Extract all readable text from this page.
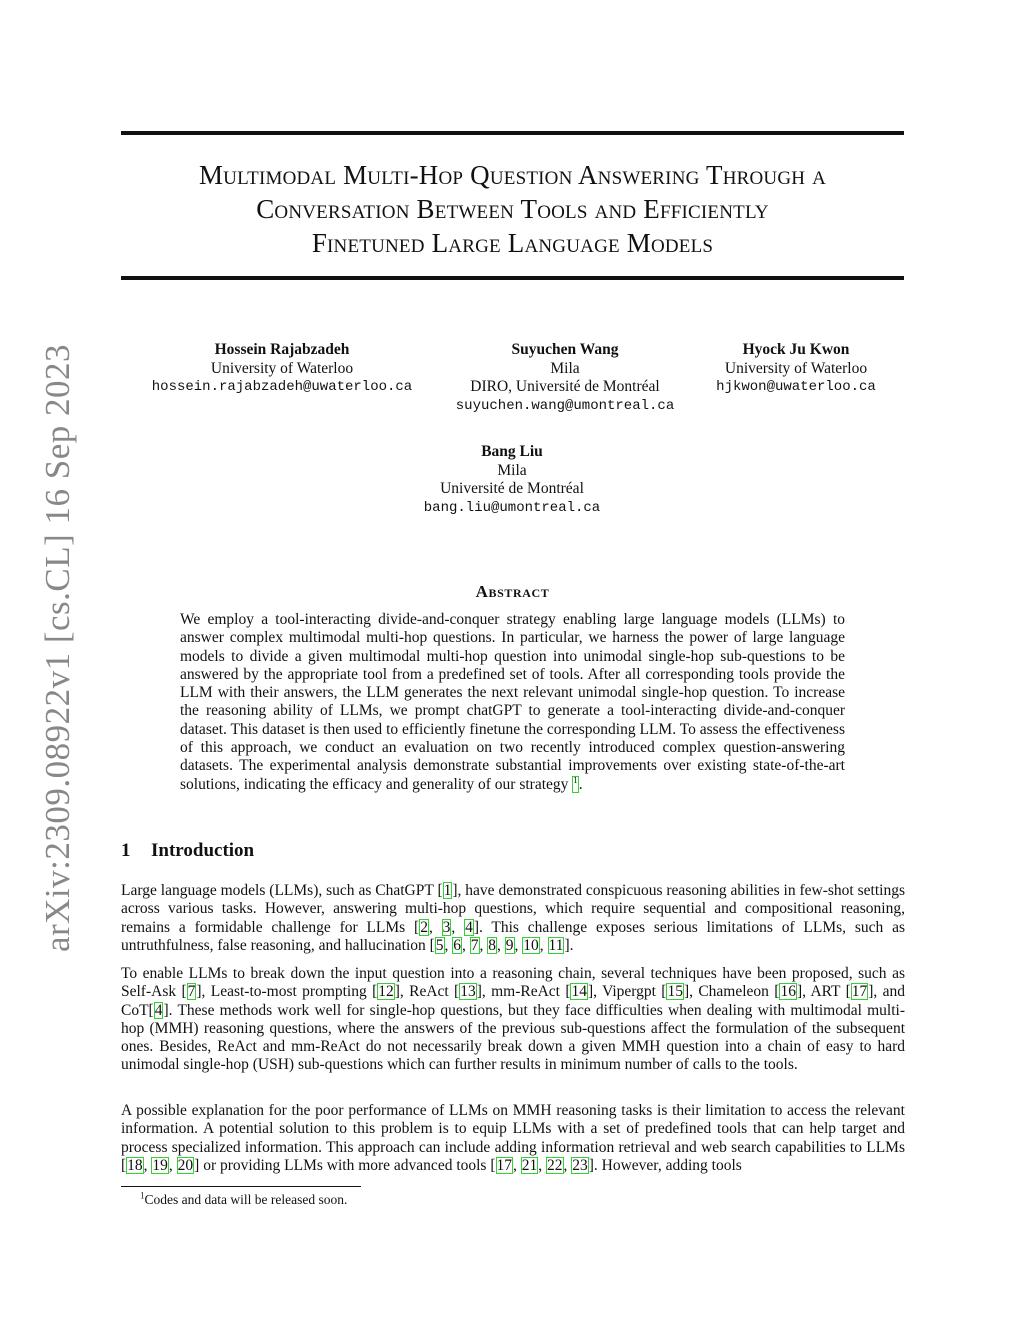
arXiv:2309.08922v1 [cs.CL] 16 Sep 2023
Multimodal Multi-Hop Question Answering Through a
Conversation Between Tools and Efficiently
Finetuned Large Language Models
Hossein Rajabzadeh
University of Waterloo
hossein.rajabzadeh@uwaterloo.ca
Suyuchen Wang
Mila
DIRO, Université de Montréal
suyuchen.wang@umontreal.ca
Hyock Ju Kwon
University of Waterloo
hjkwon@uwaterloo.ca
Bang Liu
Mila
Université de Montréal
bang.liu@umontreal.ca
Abstract
We employ a tool-interacting divide-and-conquer strategy enabling large language models (LLMs) to answer complex multimodal multi-hop questions. In particular, we harness the power of large language models to divide a given multimodal multi-hop question into unimodal single-hop sub-questions to be answered by the appropriate tool from a predefined set of tools. After all corresponding tools provide the LLM with their answers, the LLM generates the next relevant unimodal single-hop question. To increase the reasoning ability of LLMs, we prompt chatGPT to generate a tool-interacting divide-and-conquer dataset. This dataset is then used to efficiently finetune the corresponding LLM. To assess the effectiveness of this approach, we conduct an evaluation on two recently introduced complex question-answering datasets. The experimental analysis demonstrate substantial improvements over existing state-of-the-art solutions, indicating the efficacy and generality of our strategy $^1$.
1 Introduction
Large language models (LLMs), such as ChatGPT [1], have demonstrated conspicuous reasoning abilities in few-shot settings across various tasks. However, answering multi-hop questions, which require sequential and compositional reasoning, remains a formidable challenge for LLMs [2, 3, 4]. This challenge exposes serious limitations of LLMs, such as untruthfulness, false reasoning, and hallucination [5, 6, 7, 8, 9, 10, 11].
To enable LLMs to break down the input question into a reasoning chain, several techniques have been proposed, such as Self-Ask [7], Least-to-most prompting [12], ReAct [13], mm-ReAct [14], Vipergpt [15], Chameleon [16], ART [17], and CoT[4]. These methods work well for single-hop questions, but they face difficulties when dealing with multimodal multi-hop (MMH) reasoning questions, where the answers of the previous sub-questions affect the formulation of the subsequent ones. Besides, ReAct and mm-ReAct do not necessarily break down a given MMH question into a chain of easy to hard unimodal single-hop (USH) sub-questions which can further results in minimum number of calls to the tools.
A possible explanation for the poor performance of LLMs on MMH reasoning tasks is their limitation to access the relevant information. A potential solution to this problem is to equip LLMs with a set of predefined tools that can help target and process specialized information. This approach can include adding information retrieval and web search capabilities to LLMs [18, 19, 20] or providing LLMs with more advanced tools [17, 21, 22, 23]. However, adding tools
$^1$Codes and data will be released soon.
